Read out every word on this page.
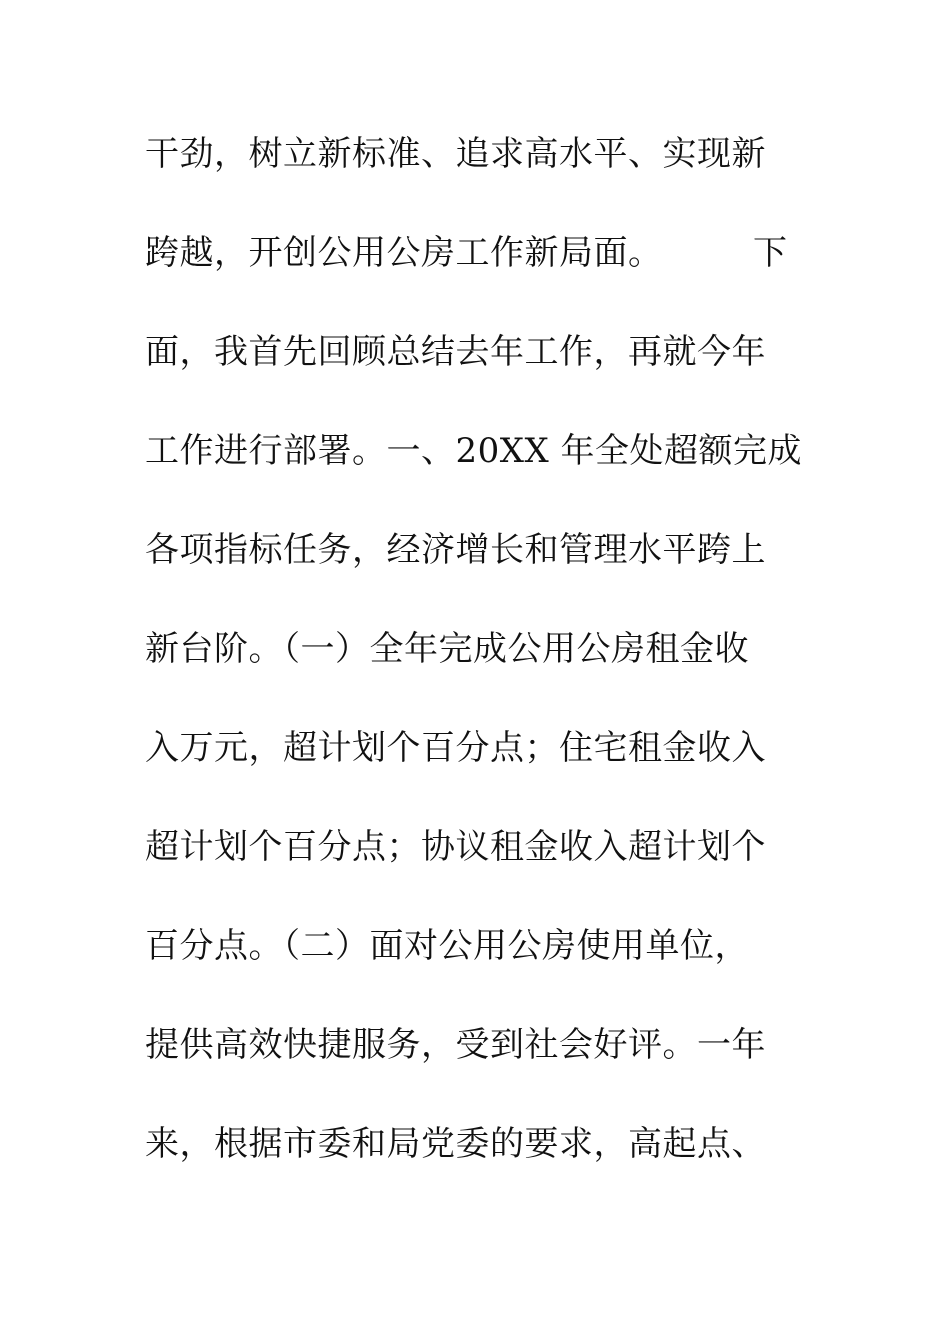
干劲，树立新标准、追求高水平、实现新
跨越，开创公用公房工作新局面。        下
面，我首先回顾总结去年工作，再就今年
工作进行部署。一、20XX 年全处超额完成
各项指标任务，经济增长和管理水平跨上
新台阶。（一）全年完成公用公房租金收
入万元，超计划个百分点；住宅租金收入
超计划个百分点；协议租金收入超计划个
百分点。（二）面对公用公房使用单位，
提供高效快捷服务，受到社会好评。一年
来，根据市委和局党委的要求，高起点、
